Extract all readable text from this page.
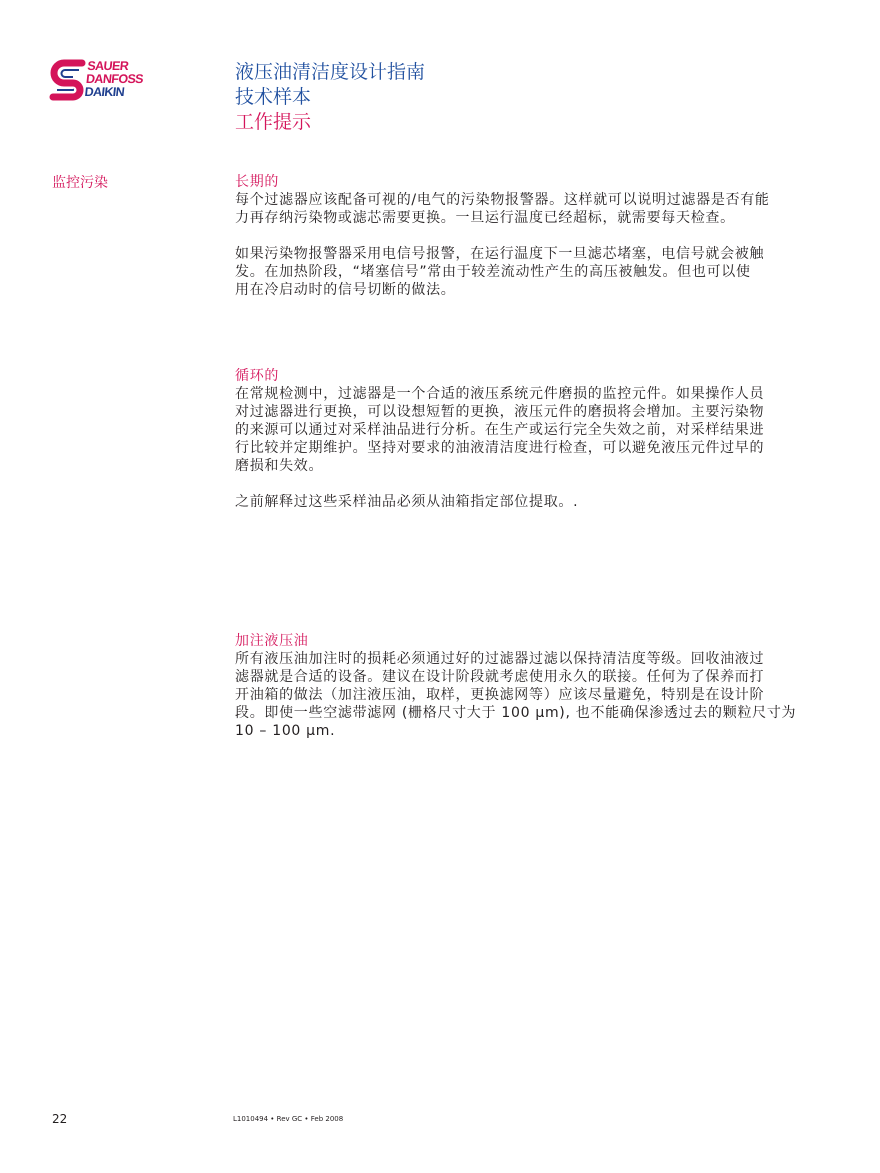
SAUER
DANFOSS
DAIKIN
液压油清洁度设计指南
技术样本
工作提示
监控污染	长期的
每个过滤器应该配备可视的/电气的污染物报警器。这样就可以说明过滤器是否有能
力再存纳污染物或滤芯需要更换。一旦运行温度已经超标，就需要每天检查。
如果污染物报警器采用电信号报警，在运行温度下一旦滤芯堵塞，电信号就会被触
发。在加热阶段，“堵塞信号”常由于较差流动性产生的高压被触发。但也可以使
用在冷启动时的信号切断的做法。
循环的
在常规检测中，过滤器是一个合适的液压系统元件磨损的监控元件。如果操作人员
对过滤器进行更换，可以设想短暂的更换，液压元件的磨损将会增加。主要污染物
的来源可以通过对采样油品进行分析。在生产或运行完全失效之前，对采样结果进
行比较并定期维护。坚持对要求的油液清洁度进行检查，可以避免液压元件过早的
磨损和失效。
之前解释过这些采样油品必须从油箱指定部位提取。.
加注液压油
所有液压油加注时的损耗必须通过好的过滤器过滤以保持清洁度等级。回收油液过
滤器就是合适的设备。建议在设计阶段就考虑使用永久的联接。任何为了保养而打
开油箱的做法（加注液压油，取样，更换滤网等）应该尽量避免，特别是在设计阶
段。即使一些空滤带滤网 (栅格尺寸大于 100 µm), 也不能确保渗透过去的颗粒尺寸为
10 – 100 µm.
22	L1010494 • Rev GC • Feb 2008
